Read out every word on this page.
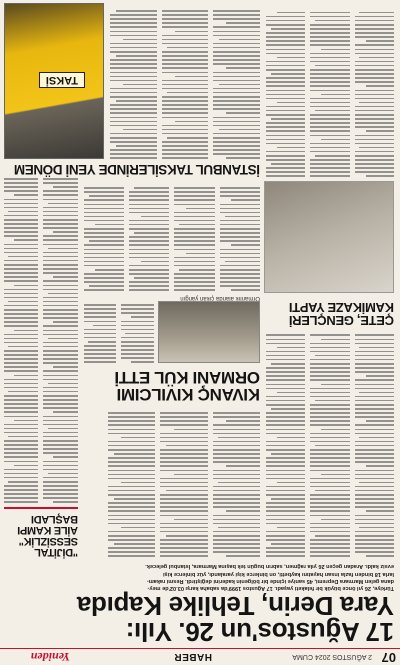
07
2 AĞUSTOS 2024 CUMA
HABER
Yeniden
17 Ağustos'un 26. Yılı:
Yara Derin, Tehlike Kapıda
Türkiye, 26 yıl önce büyük bir felaketi yaşadı. 17 Ağustos 1999'da sabaha karşı 03.02'de mey-
dana gelen Marmara Depremi, 45 saniye içinde bir bölgenin kaderini değiştirdi. Resmi rakam-
larla 18 binden fazla insan hayatını kaybetti, on binlerce kişi yaralandı, yüz binlerce kişi
evsiz kaldı. Aradan geçen 26 yıla rağmen, sabrın bugün tek başına Marmara, İstanbul gelecek.
ÇETE, GENÇLERİ
KAMİKAZE YAPTI
KIVANÇ KIVILCIMI
ORMANI KÜL ETTİ
Ormanlık alanda çıkan yangın
İSTANBUL TAKSİLERİNDE YENİ DÖNEM
TAKSİ
"DİJİTAL
SESSİZLİK"
AİLE KAMPI
BAŞLADI
